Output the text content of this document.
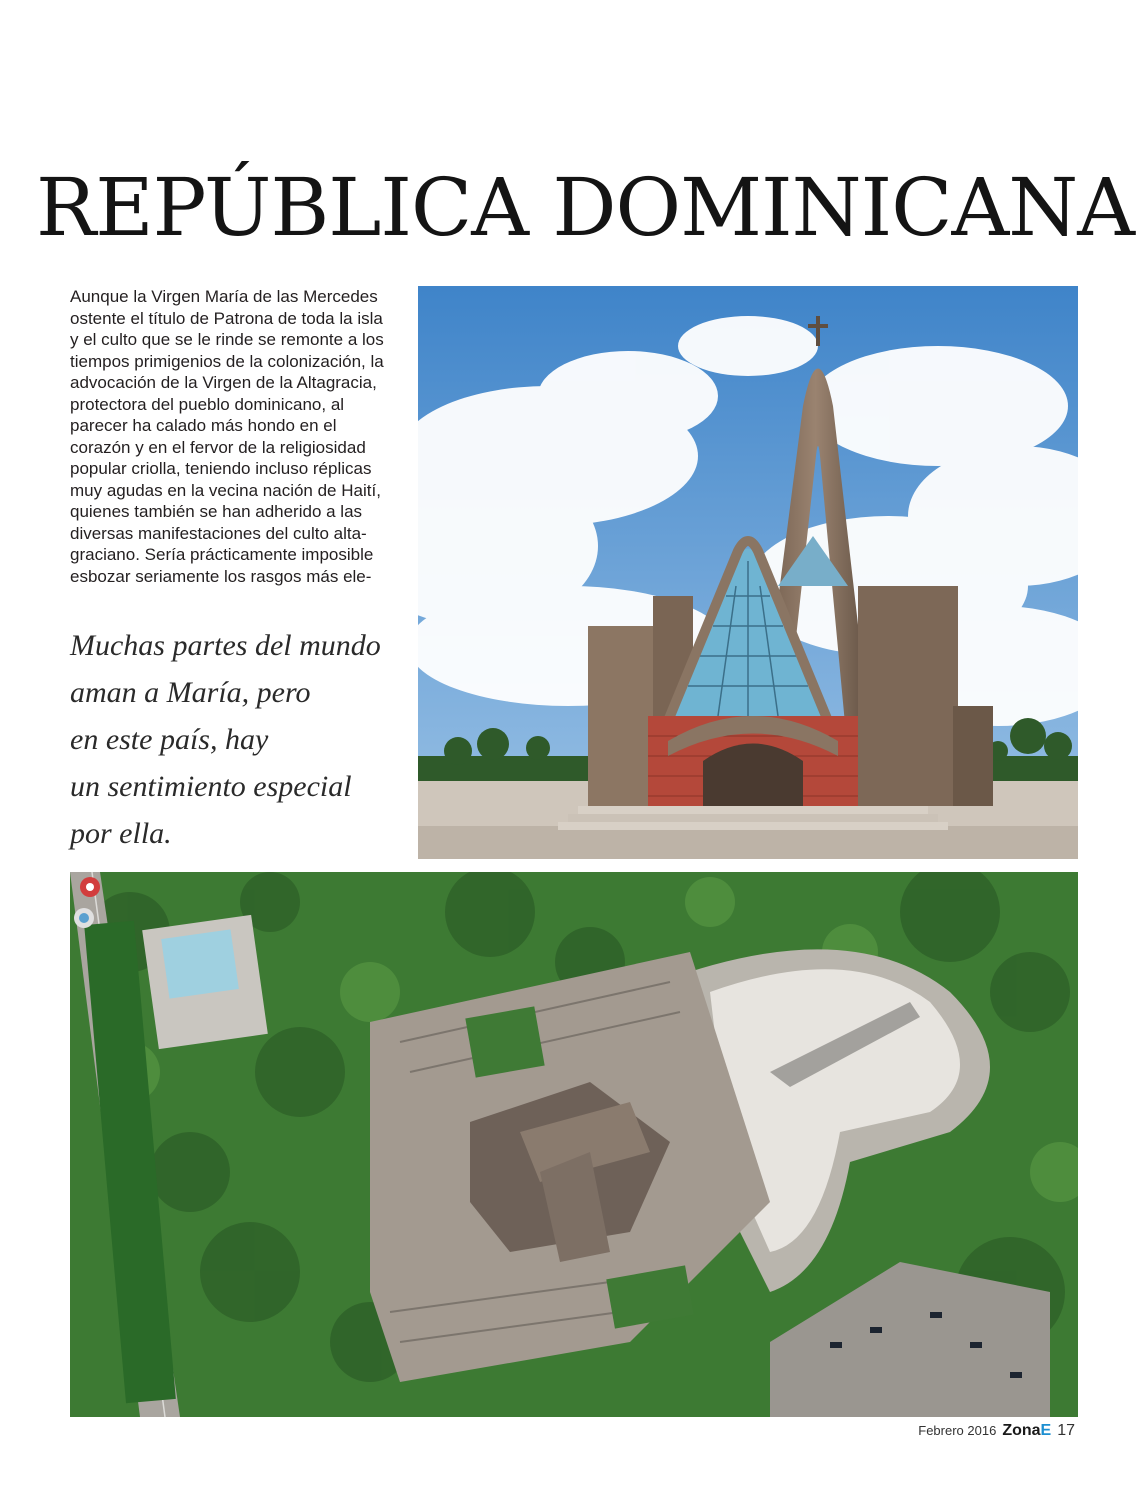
REPÚBLICA DOMINICANA
Aunque la Virgen María de las Mercedes
ostente el título de Patrona de toda la isla
y el culto que se le rinde se remonte a los
tiempos primigenios de la colonización, la
advocación de la Virgen de la Altagracia,
protectora del pueblo dominicano, al
parecer ha calado más hondo en el
corazón y en el fervor de la religiosidad
popular criolla, teniendo incluso réplicas
muy agudas en la vecina nación de Haití,
quienes también se han adherido a las
diversas manifestaciones del culto alta-
graciano. Sería prácticamente imposible
esbozar seriamente los rasgos más ele-
Muchas partes del mundo
aman a María, pero
en este país, hay
un sentimiento especial
por ella.
Febrero 2016 ZonaE 17
